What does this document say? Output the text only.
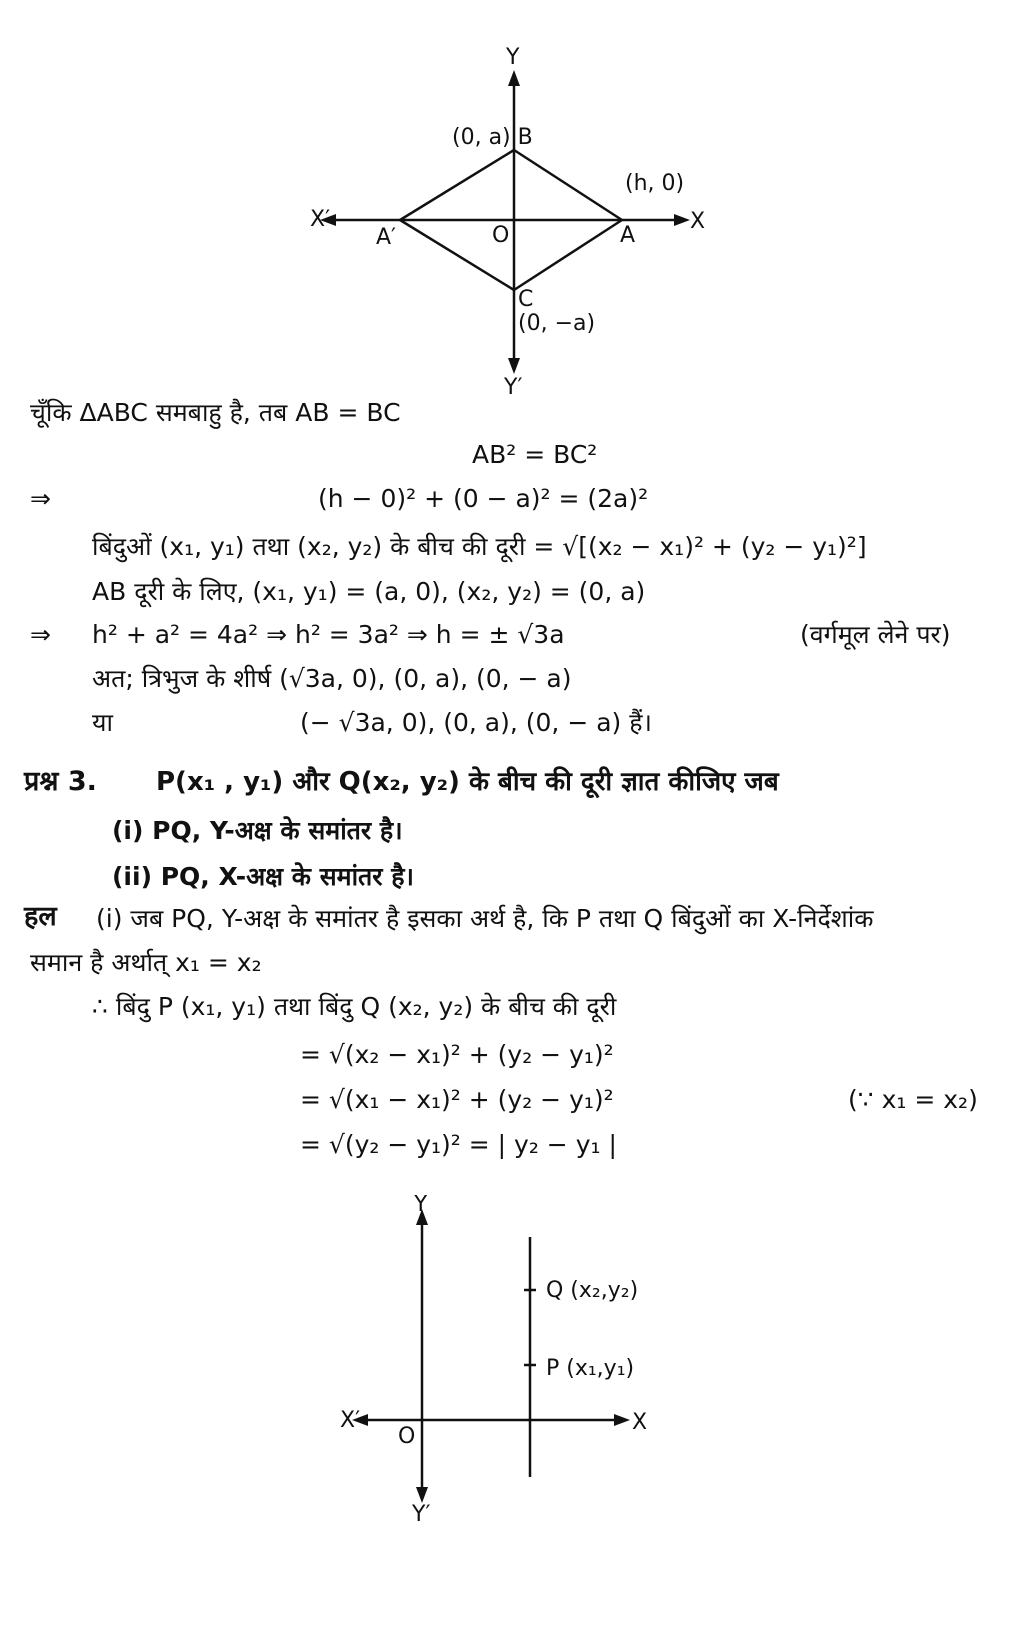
Y
(0, a) B
(h, 0)
X′	X
A′	O	A
C
(0, −a)
Y′
चूँकि ΔABC समबाहु है, तब AB = BC
AB² = BC²
⇒	(h − 0)² + (0 − a)² = (2a)²
बिंदुओं (x₁, y₁) तथा (x₂, y₂) के बीच की दूरी = √[(x₂ − x₁)² + (y₂ − y₁)²]
AB दूरी के लिए, (x₁, y₁) = (a, 0), (x₂, y₂) = (0, a)
⇒ h² + a² = 4a² ⇒ h² = 3a² ⇒ h = ± √3a	(वर्गमूल लेने पर)
अत; त्रिभुज के शीर्ष (√3a, 0), (0, a), (0, − a)
या	(− √3a, 0), (0, a), (0, − a) हैं।
प्रश्न 3. P(x₁ , y₁) और Q(x₂, y₂) के बीच की दूरी ज्ञात कीजिए जब
(i) PQ, Y-अक्ष के समांतर है।
(ii) PQ, X-अक्ष के समांतर है।
हल (i) जब PQ, Y-अक्ष के समांतर है इसका अर्थ है, कि P तथा Q बिंदुओं का X-निर्देशांक
समान है अर्थात् x₁ = x₂
∴ बिंदु P (x₁, y₁) तथा बिंदु Q (x₂, y₂) के बीच की दूरी
= √(x₂ − x₁)² + (y₂ − y₁)²
= √(x₁ − x₁)² + (y₂ − y₁)²	(∵ x₁ = x₂)
= √(y₂ − y₁)² = | y₂ − y₁ |
Y
Q (x₂,y₂)
P (x₁,y₁)
X′
O
X
Y′
